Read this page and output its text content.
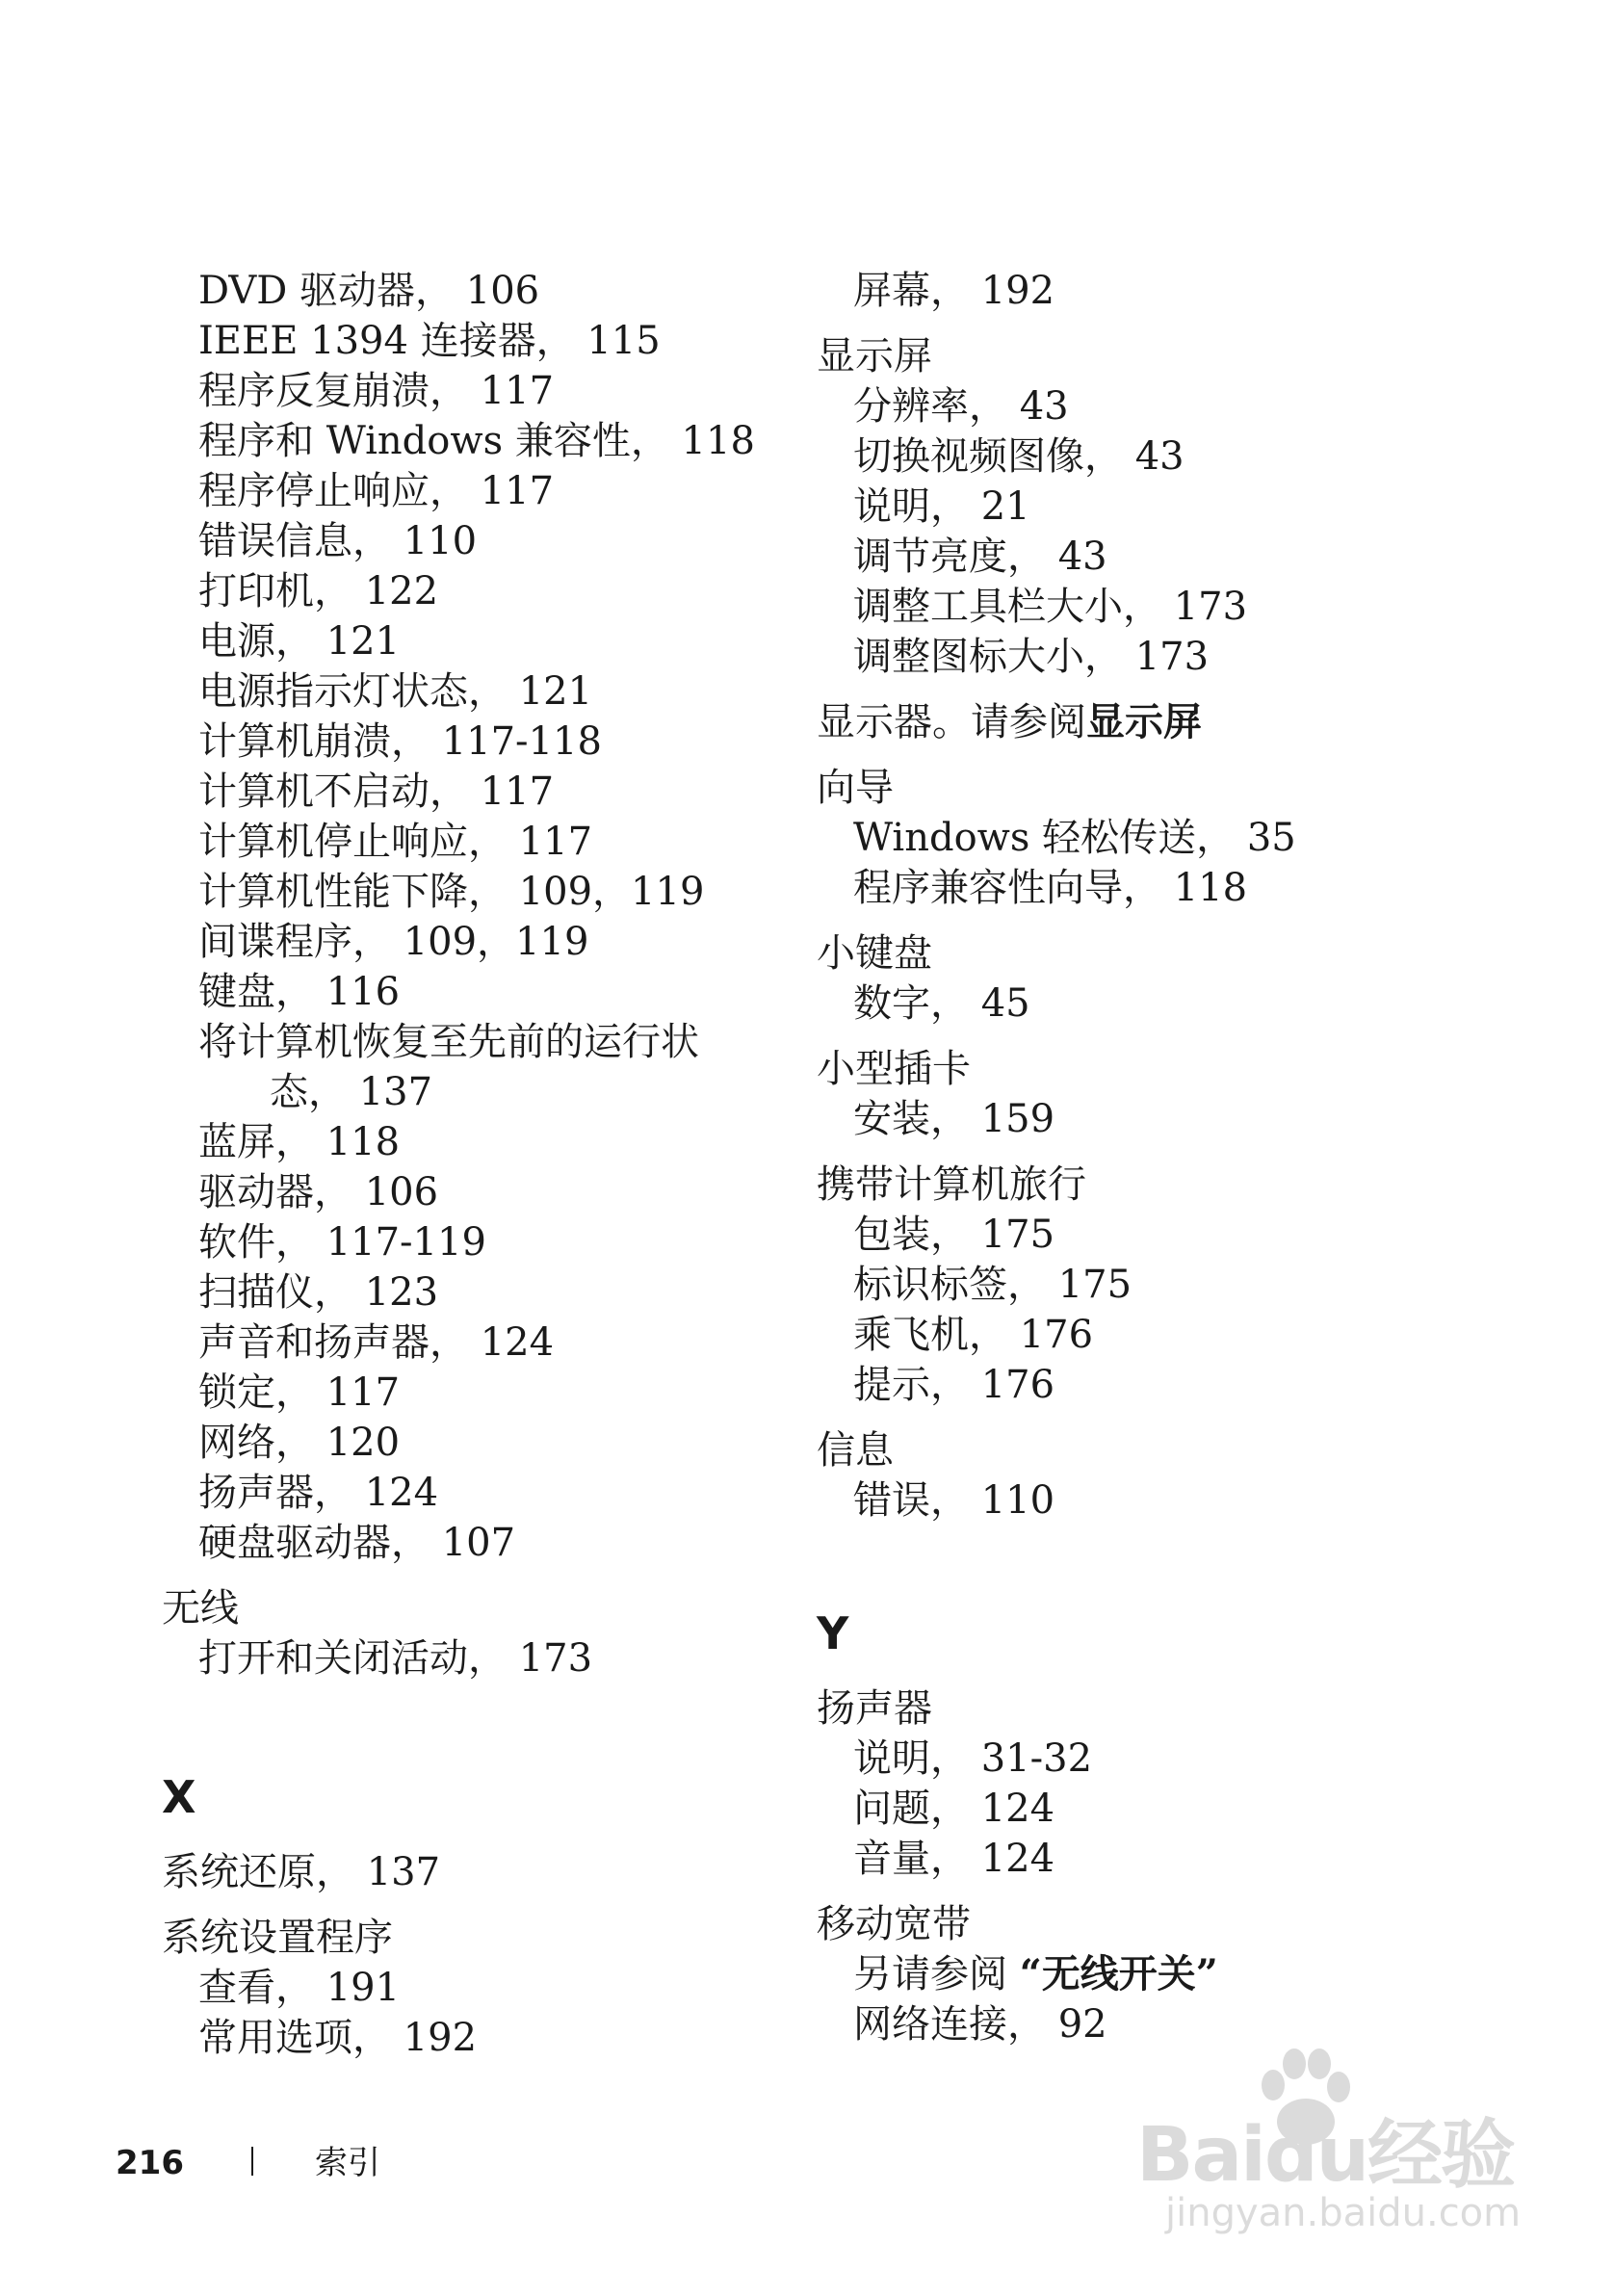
DVD 驱动器， 106
IEEE 1394 连接器， 115
程序反复崩溃， 117
程序和 Windows 兼容性， 118
程序停止响应， 117
错误信息， 110
打印机， 122
电源， 121
电源指示灯状态， 121
计算机崩溃， 117-118
计算机不启动， 117
计算机停止响应， 117
计算机性能下降， 109，119
间谍程序， 109，119
键盘， 116
将计算机恢复至先前的运行状
态， 137
蓝屏， 118
驱动器， 106
软件， 117-119
扫描仪， 123
声音和扬声器， 124
锁定， 117
网络， 120
扬声器， 124
硬盘驱动器， 107
无线
打开和关闭活动， 173
X
系统还原， 137
系统设置程序
查看， 191
常用选项， 192
屏幕， 192
显示屏
分辨率， 43
切换视频图像， 43
说明， 21
调节亮度， 43
调整工具栏大小， 173
调整图标大小， 173
显示器。请参阅显示屏
向导
Windows 轻松传送， 35
程序兼容性向导， 118
小键盘
数字， 45
小型插卡
安装， 159
携带计算机旅行
包装， 175
标识标签， 175
乘飞机， 176
提示， 176
信息
错误， 110
Y
扬声器
说明， 31-32
问题， 124
音量， 124
移动宽带
另请参阅 “无线开关”
网络连接， 92
216	索引	Baidu经验
jingyan.baidu.com
